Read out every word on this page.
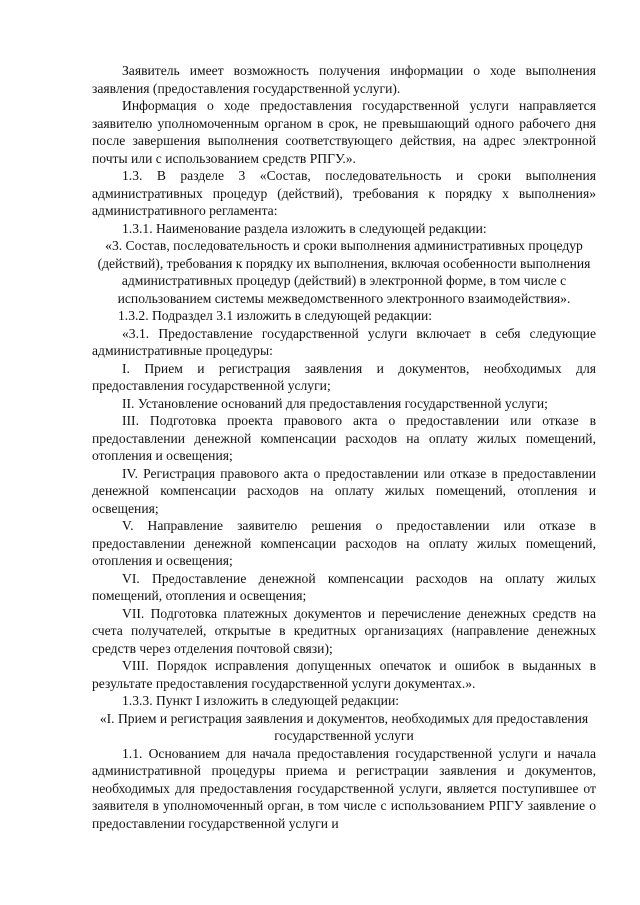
Заявитель имеет возможность получения информации о ходе выполнения заявления (предоставления государственной услуги).

Информация о ходе предоставления государственной услуги направляется заявителю уполномоченным органом в срок, не превышающий одного рабочего дня после завершения выполнения соответствующего действия, на адрес электронной почты или с использованием средств РПГУ.».

1.3. В разделе 3 «Состав, последовательность и сроки выполнения административных процедур (действий), требования к порядку х выполнения» административного регламента:

1.3.1. Наименование раздела изложить в следующей редакции:

«3. Состав, последовательность и сроки выполнения административных процедур (действий), требования к порядку их выполнения, включая особенности выполнения административных процедур (действий) в электронной форме, в том числе с использованием системы межведомственного электронного взаимодействия».

1.3.2. Подраздел 3.1 изложить в следующей редакции:

«3.1. Предоставление государственной услуги включает в себя следующие административные процедуры:

I. Прием и регистрация заявления и документов, необходимых для предоставления государственной услуги;

II. Установление оснований для предоставления государственной услуги;

III. Подготовка проекта правового акта о предоставлении или отказе в предоставлении денежной компенсации расходов на оплату жилых помещений, отопления и освещения;

IV. Регистрация правового акта о предоставлении или отказе в предоставлении денежной компенсации расходов на оплату жилых помещений, отопления и освещения;

V. Направление заявителю решения о предоставлении или отказе в предоставлении денежной компенсации расходов на оплату жилых помещений, отопления и освещения;

VI. Предоставление денежной компенсации расходов на оплату жилых помещений, отопления и освещения;

VII. Подготовка платежных документов и перечисление денежных средств на счета получателей, открытые в кредитных организациях (направление денежных средств через отделения почтовой связи);

VIII. Порядок исправления допущенных опечаток и ошибок в выданных в результате предоставления государственной услуги документах.».

1.3.3. Пункт I изложить в следующей редакции:

«I. Прием и регистрация заявления и документов, необходимых для предоставления государственной услуги

1.1. Основанием для начала предоставления государственной услуги и начала административной процедуры приема и регистрации заявления и документов, необходимых для предоставления государственной услуги, является поступившее от заявителя в уполномоченный орган, в том числе с использованием РПГУ заявление о предоставлении государственной услуги и
